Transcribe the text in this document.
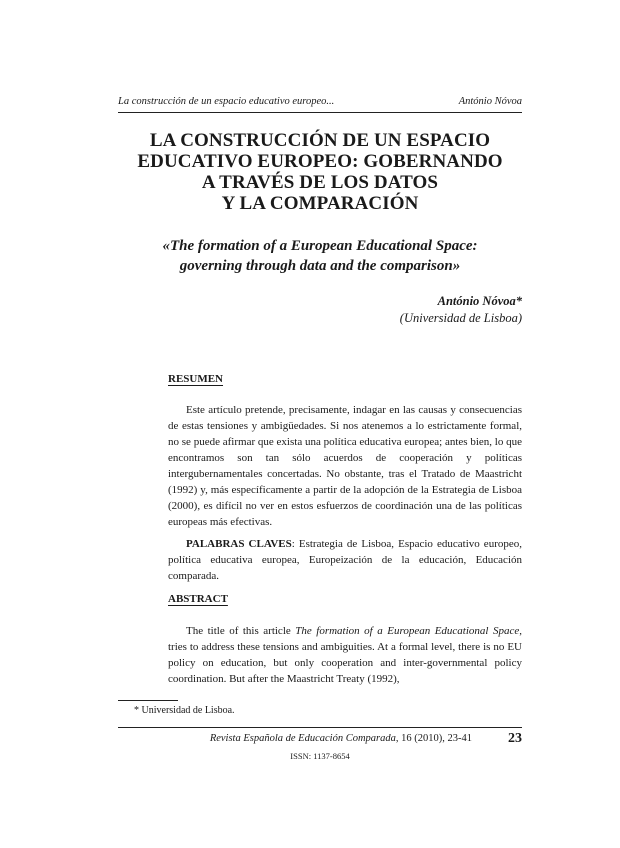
La construcción de un espacio educativo europeo...	António Nóvoa
LA CONSTRUCCIÓN DE UN ESPACIO
EDUCATIVO EUROPEO: GOBERNANDO
A TRAVÉS DE LOS DATOS
Y LA COMPARACIÓN
«The formation of a European Educational Space:
governing through data and the comparison»
António Nóvoa*
(Universidad de Lisboa)
RESUMEN

Este artículo pretende, precisamente, indagar en las causas y consecuencias de estas tensiones y ambigüedades. Si nos atenemos a lo estrictamente formal, no se puede afirmar que exista una política educativa europea; antes bien, lo que encontramos son tan sólo acuerdos de cooperación y políticas intergubernamentales concertadas. No obstante, tras el Tratado de Maastricht (1992) y, más específicamente a partir de la adopción de la Estrategia de Lisboa (2000), es difícil no ver en estos esfuerzos de coordinación una de las políticas europeas más efectivas.

PALABRAS CLAVES: Estrategia de Lisboa, Espacio educativo europeo, política educativa europea, Europeización de la educación, Educación comparada.

ABSTRACT

The title of this article The formation of a European Educational Space, tries to address these tensions and ambiguities. At a formal level, there is no EU policy on education, but only cooperation and inter-governmental policy coordination. But after the Maastricht Treaty (1992),

* Universidad de Lisboa.
Revista Española de Educación Comparada, 16 (2010), 23-41	23
ISSN: 1137-8654
